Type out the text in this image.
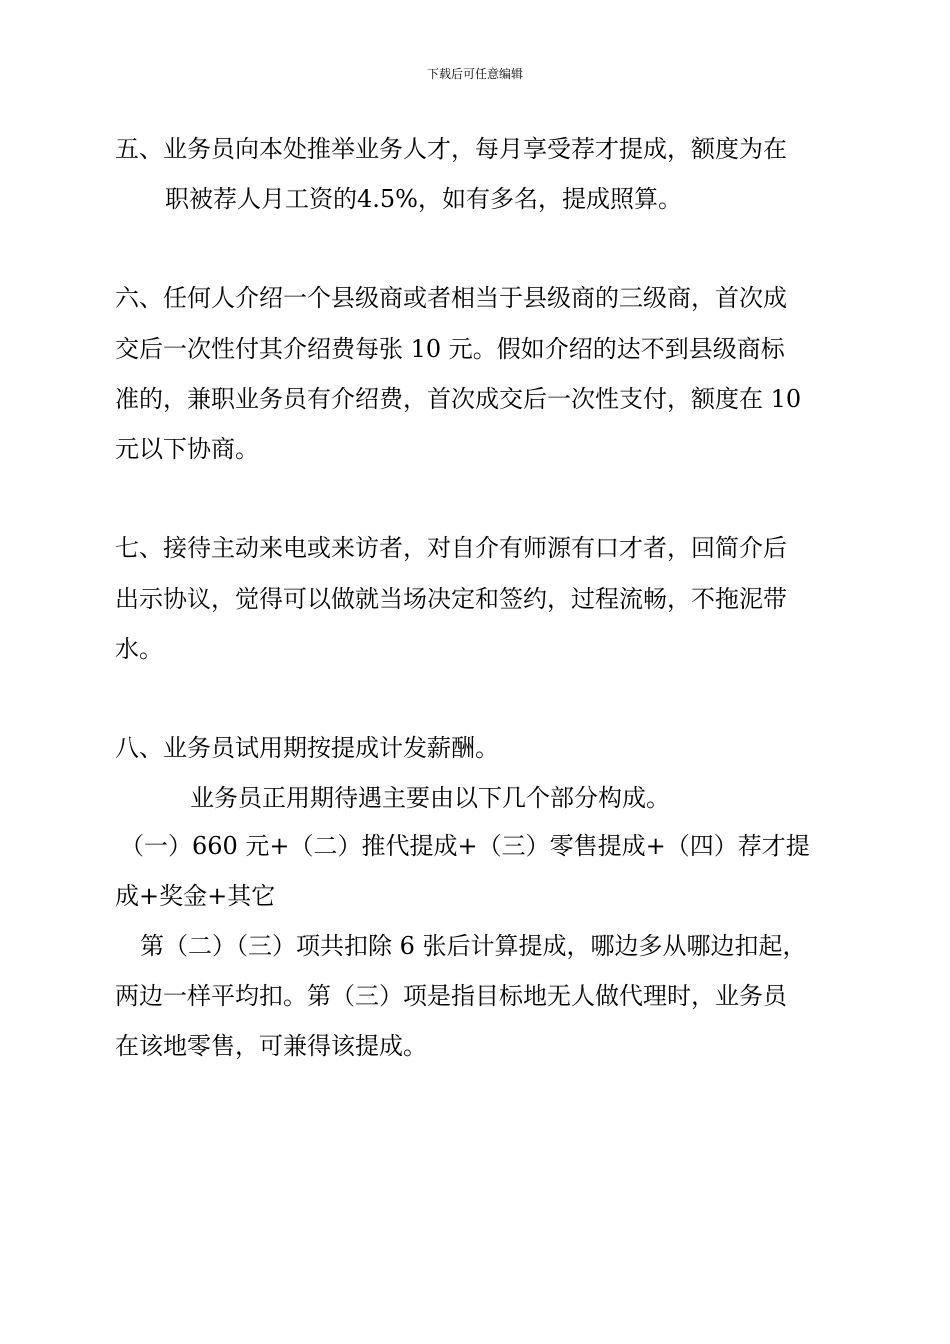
下载后可任意编辑
五、业务员向本处推举业务人才，每月享受荐才提成，额度为在
职被荐人月工资的4.5%，如有多名，提成照算。
六、任何人介绍一个县级商或者相当于县级商的三级商，首次成
交后一次性付其介绍费每张 10 元。假如介绍的达不到县级商标
准的，兼职业务员有介绍费，首次成交后一次性支付，额度在 10
元以下协商。
七、接待主动来电或来访者，对自介有师源有口才者，回简介后
出示协议，觉得可以做就当场决定和签约，过程流畅，不拖泥带
水。
八、业务员试用期按提成计发薪酬。
业务员正用期待遇主要由以下几个部分构成。
（一）660 元+（二）推代提成+（三）零售提成+（四）荐才提
成+奖金+其它
第（二）（三）项共扣除 6 张后计算提成，哪边多从哪边扣起，
两边一样平均扣。第（三）项是指目标地无人做代理时，业务员
在该地零售，可兼得该提成。
